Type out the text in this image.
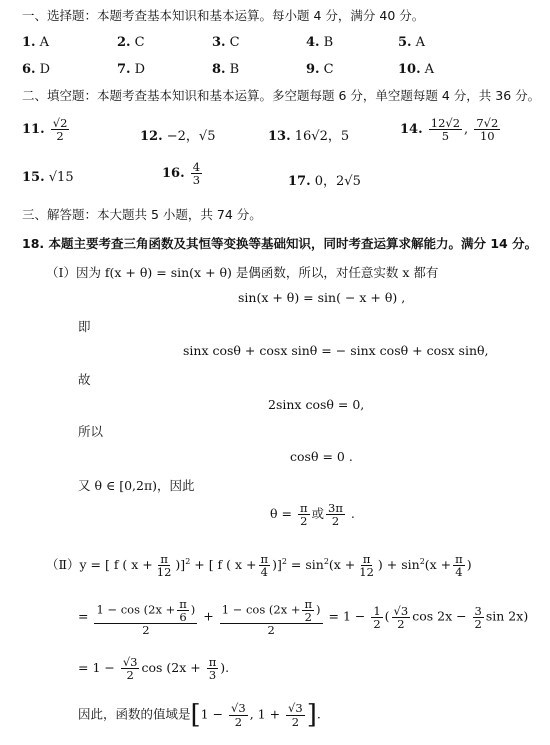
一、选择题：本题考查基本知识和基本运算。每小题 4 分，满分 40 分。
1. A	2. C	3. C	4. B	5. A
6. D	7. D	8. B	9. C	10. A
二、填空题：本题考查基本知识和基本运算。多空题每题 6 分，单空题每题 4 分，共 36 分。
11. $\frac{√2}{2}$	12. −2，√5	13. 16√2，5	14. $\frac{12√2}{5}$ , $\frac{7√2}{10}$
15. √15	16. $\frac{4}{3}$	17. 0，2√5
三、解答题：本大题共 5 小题，共 74 分。
18. 本题主要考查三角函数及其恒等变换等基础知识，同时考查运算求解能力。满分 14 分。
（Ⅰ）因为 f(x + θ) = sin(x + θ) 是偶函数，所以，对任意实数 x 都有
sin(x + θ) = sin( − x + θ) ,
即
sinx cosθ + cosx sinθ = − sinx cosθ + cosx sinθ,
故
2sinx cosθ = 0,
所以
cosθ = 0 .
又 θ ∈ [0,2π)，因此
$\theta = \frac{\pi}{2}$ 或 $\frac{3\pi}{2}$ .
（Ⅱ）y = [ f ( $x + \frac{\pi}{12} )]^2$ + [ f ( $x + \frac{\pi}{4} )]^2 = \sin^2(x + \frac{\pi}{12}$ ) + $\sin^2(x + \frac{\pi}{4}$ )
= $\frac{1 - \cos (2x + \frac{\pi}{6} )}{2} + \frac{1 - \cos (2x + \frac{\pi}{2} )}{2} = 1 - \frac{1}{2}$ ( $\frac{√3}{2}$ $\cos 2x - \frac{3}{2}$ sin 2x)
= $1 - \frac{√3}{2}$ $\cos (2x + \frac{\pi}{3}$ ).
因此，函数的值域是[$1 - \frac{√3}{2}$ , $1 + \frac{√3}{2}$ ].
